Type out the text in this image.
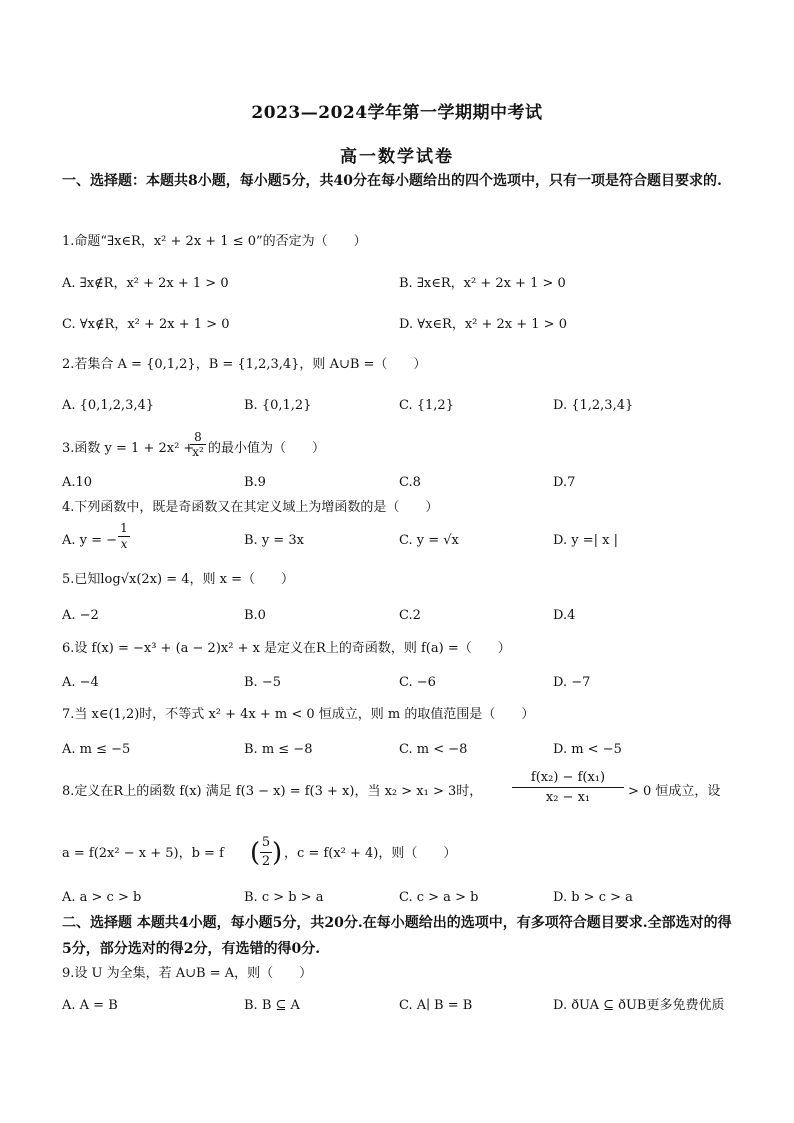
2023—2024学年第一学期期中考试
高一数学试卷
一、选择题：本题共8小题，每小题5分，共40分在每小题给出的四个选项中，只有一项是符合题目要求的.
1.命题“∃x∈R，x² + 2x + 1 ≤ 0”的否定为（　　）
A. ∃x∉R，x² + 2x + 1 > 0	B. ∃x∈R，x² + 2x + 1 > 0
C. ∀x∉R，x² + 2x + 1 > 0	D. ∀x∈R，x² + 2x + 1 > 0
2.若集合 A = {0,1,2}，B = {1,2,3,4}，则 A∪B =（　　）
A. {0,1,2,3,4}	B. {0,1,2}	C. {1,2}	D. {1,2,3,4}
3.函数 y = 1 + 2x² +
$\frac{8}{\text{x²}}$ 的最小值为（　　）
A.10	B.9	C.8	D.7
4.下列函数中，既是奇函数又在其定义域上为增函数的是（　　）
A. y = − $\frac{1}{x}$	B. y = 3x	C. y = √x	D. y =| x |
5.已知log√x(2x) = 4，则 x =（　　）
A. −2	B.0	C.2	D.4
6.设 f(x) = −x³ + (a − 2)x² + x 是定义在R上的奇函数，则 f(a) =（　　）
A. −4	B. −5	C. −6	D. −7
7.当 x∈(1,2)时，不等式 x² + 4x + m < 0 恒成立，则 m 的取值范围是（　　）
A. m ≤ −5	B. m ≤ −8	C. m < −8	D. m < −5
8.定义在R上的函数 f(x) 满足 f(3 − x) = f(3 + x)，当 x₂ > x₁ > 3时， $\frac{\text{f(x₂) − f(x₁)}}{\text{x₂ − x₁}} > 0$ 恒成立，设
a = f(2x² − x + 5)，b = f ( $\frac{5}{2}$ ) ，c = f(x² + 4)，则（　　）
A. a > c > b	B. c > b > a	C. c > a > b	D. b > c > a
二、选择题 本题共4小题，每小题5分，共20分.在每小题给出的选项中，有多项符合题目要求.全部选对的得5分，部分选对的得2分，有选错的得0分.
9.设 U 为全集，若 A∪B = A，则（　　）
A. A = B	B. B ⊆ A	C. A∣ B = B	D. ðUA ⊆ ðUB更多免费优质
